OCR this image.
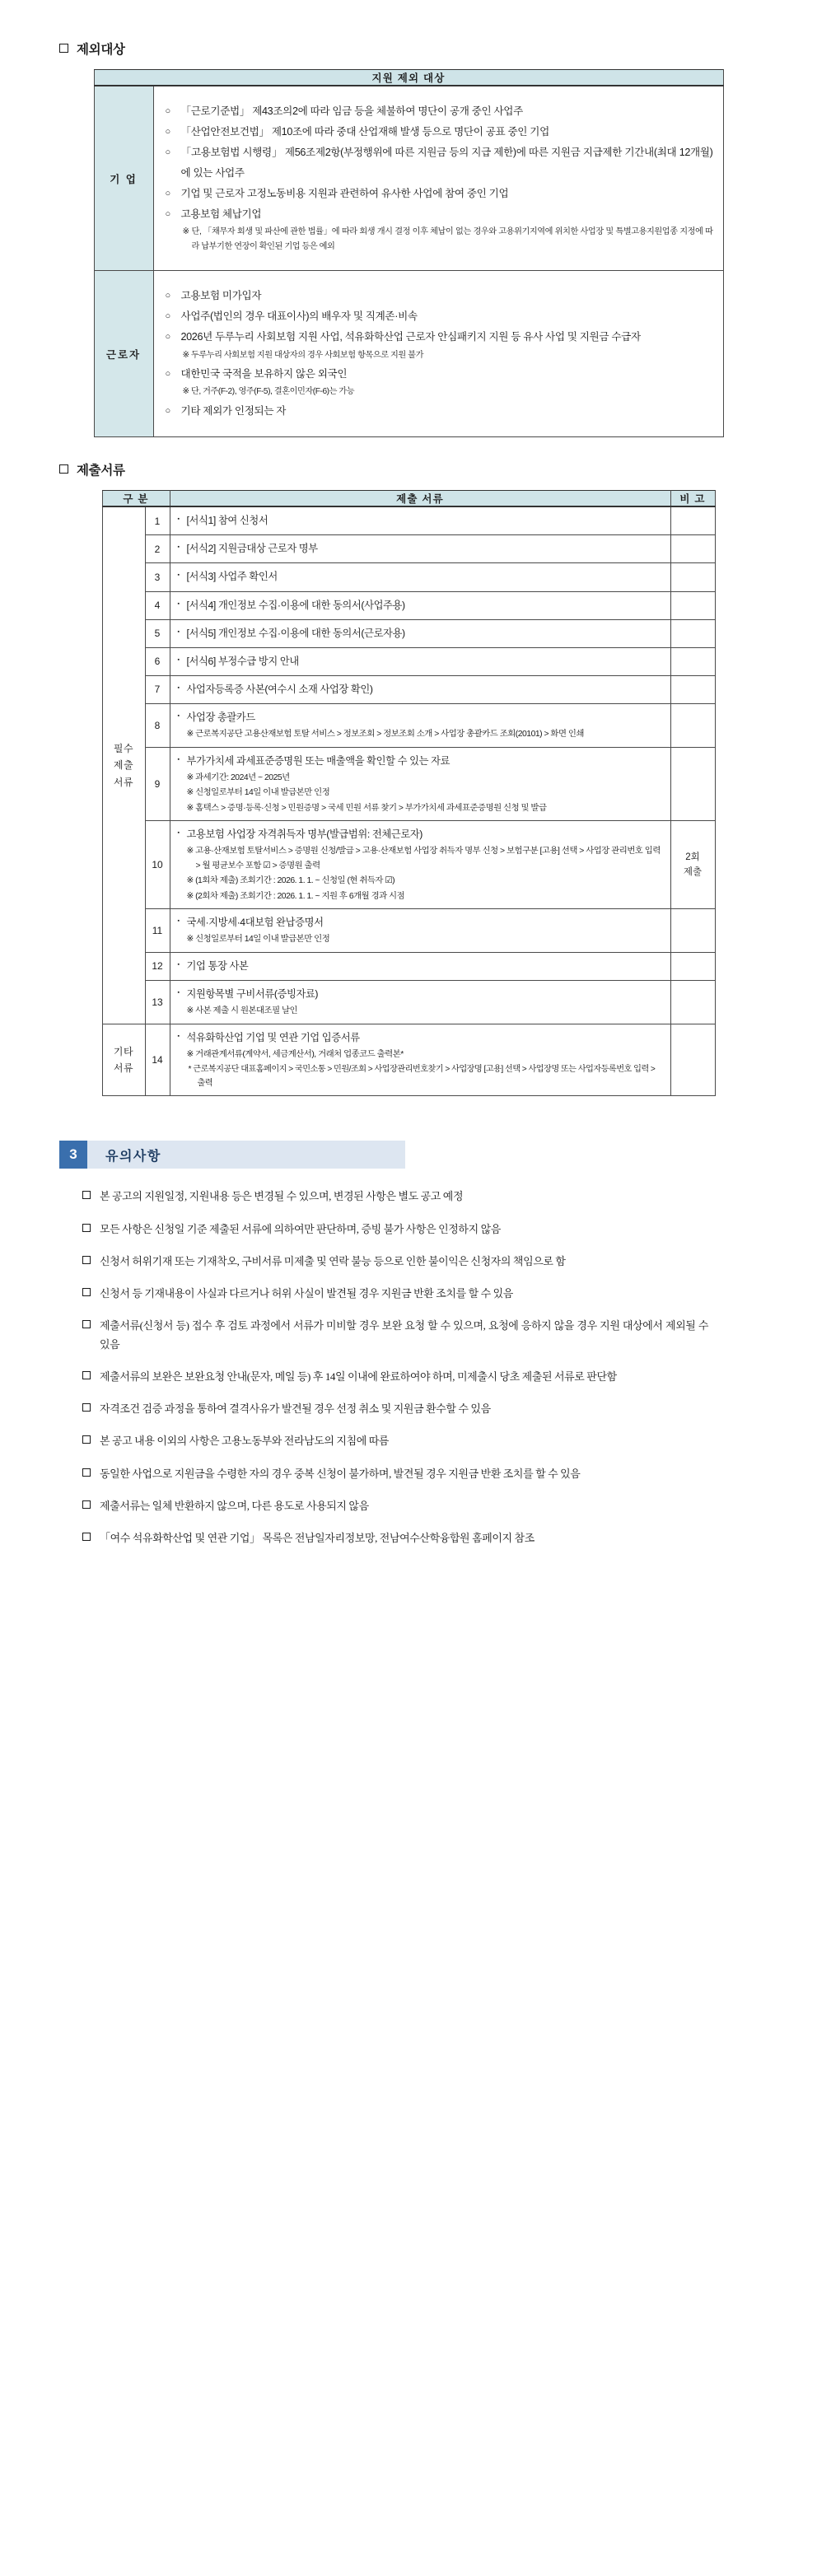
제외대상
지원 제외 대상	
기 업	
○ 「근로기준법」 제43조의2에 따라 임금 등을 체불하여 명단이 공개 중인 사업주
○ 「산업안전보건법」 제10조에 따라 중대 산업재해 발생 등으로 명단이 공표 중인 기업
○ 「고용보험법 시행령」 제56조제2항(부정행위에 따른 지원금 등의 지급 제한)에 따른 지원금 지급제한 기간내(최대 12개월)에 있는 사업주
○ 기업 및 근로자 고정노동비용 지원과 관련하여 유사한 사업에 참여 중인 기업
○ 고용보험 체납기업
※ 단, 「채무자 회생 및 파산에 관한 법률」에 따라 회생 개시 결정 이후 체납이 없는 경우와 고용위기지역에 위치한 사업장 및 특별고용지원업종 지정에 따라 납부기한 연장이 확인된 기업 등은 예외

근로자	
○ 고용보험 미가입자
○ 사업주(법인의 경우 대표이사)의 배우자 및 직계존·비속
○ 2026년 두루누리 사회보험 지원 사업, 석유화학산업 근로자 안심패키지 지원 등 유사 사업 및 지원금 수급자
※ 두루누리 사회보험 지원 대상자의 경우 사회보험 항목으로 지원 불가
○ 대한민국 국적을 보유하지 않은 외국인
※ 단, 거주(F-2), 영주(F-5), 결혼이민자(F-6)는 가능
○ 기타 제외가 인정되는 자
제출서류
구 분		제출 서류	비 고

필수
제출
서류	1	▪ [서식1] 참여 신청서

	2	▪ [서식2] 지원금대상 근로자 명부

	3	▪ [서식3] 사업주 확인서

	4	▪ [서식4] 개인정보 수집·이용에 대한 동의서(사업주용)

	5	▪ [서식5] 개인정보 수집·이용에 대한 동의서(근로자용)

	6	▪ [서식6] 부정수급 방지 안내

	7	▪ 사업자등록증 사본(여수시 소재 사업장 확인)

	8	▪ 사업장 총괄카드
※ 근로복지공단 고용산재보험 토탈 서비스 > 정보조회 > 정보조회 소개 > 사업장 총괄카드 조회(20101) > 화면 인쇄

	9	▪ 부가가치세 과세표준증명원 또는 매출액을 확인할 수 있는 자료
※ 과세기간: 2024년 ~ 2025년
※ 신청일로부터 14일 이내 발급본만 인정
※ 홈택스 > 증명·등록·신청 > 민원증명 > 국세 민원 서류 찾기 > 부가가치세 과세표준증명원 신청 및 발급

10	
▪ 고용보험 사업장 자격취득자 명부(발급범위: 전체근로자)
※ 고용·산재보험 토탈서비스 > 증명원 신청/발급 > 고용·산재보험 사업장 취득자 명부 신청 > 보험구분 [고용] 선택 > 사업장 관리번호 입력 > 월 평균보수 포함 ☑ > 증명원 출력
※ (1회차 제출) 조회기간 : 2026. 1. 1. ~ 신청일 (현 취득자 ☑)
※ (2회차 제출) 조회기간 : 2026. 1. 1. ~ 지원 후 6개월 경과 시점

2회
제출

	11	▪ 국세·지방세·4대보험 완납증명서
※ 신청일로부터 14일 이내 발급본만 인정

	12	▪ 기업 통장 사본

	13	▪ 지원항목별 구비서류(증빙자료)
※ 사본 제출 시 원본대조필 날인

기타
서류
	14	
▪ 석유화학산업 기업 및 연관 기업 입증서류
※ 거래관계서류(계약서, 세금계산서), 거래처 업종코드 출력본*
* 근로복지공단 대표홈페이지 > 국민소통 > 민원/조회 > 사업장관리번호찾기 > 사업장명 [고용] 선택 > 사업장명 또는 사업자등록번호 입력 > 출력

3	유의사항
본 공고의 지원일정, 지원내용 등은 변경될 수 있으며, 변경된 사항은 별도 공고 예정
모든 사항은 신청일 기준 제출된 서류에 의하여만 판단하며, 증빙 불가 사항은 인정하지 않음
신청서 허위기재 또는 기재착오, 구비서류 미제출 및 연락 불능 등으로 인한 불이익은 신청자의 책임으로 함
신청서 등 기재내용이 사실과 다르거나 허위 사실이 발견될 경우 지원금 반환 조치를 할 수 있음
제출서류(신청서 등) 접수 후 검토 과정에서 서류가 미비할 경우 보완 요청 할 수 있으며, 요청에 응하지 않을 경우 지원 대상에서 제외될 수 있음
제출서류의 보완은 보완요청 안내(문자, 메일 등) 후 14일 이내에 완료하여야 하며, 미제출시 당초 제출된 서류로 판단함
자격조건 검증 과정을 통하여 결격사유가 발견될 경우 선정 취소 및 지원금 환수할 수 있음
본 공고 내용 이외의 사항은 고용노동부와 전라남도의 지침에 따름
동일한 사업으로 지원금을 수령한 자의 경우 중복 신청이 불가하며, 발견될 경우 지원금 반환 조치를 할 수 있음
제출서류는 일체 반환하지 않으며, 다른 용도로 사용되지 않음
「여수 석유화학산업 및 연관 기업」 목록은 전남일자리정보망, 전남여수산학융합원 홈페이지 참조
